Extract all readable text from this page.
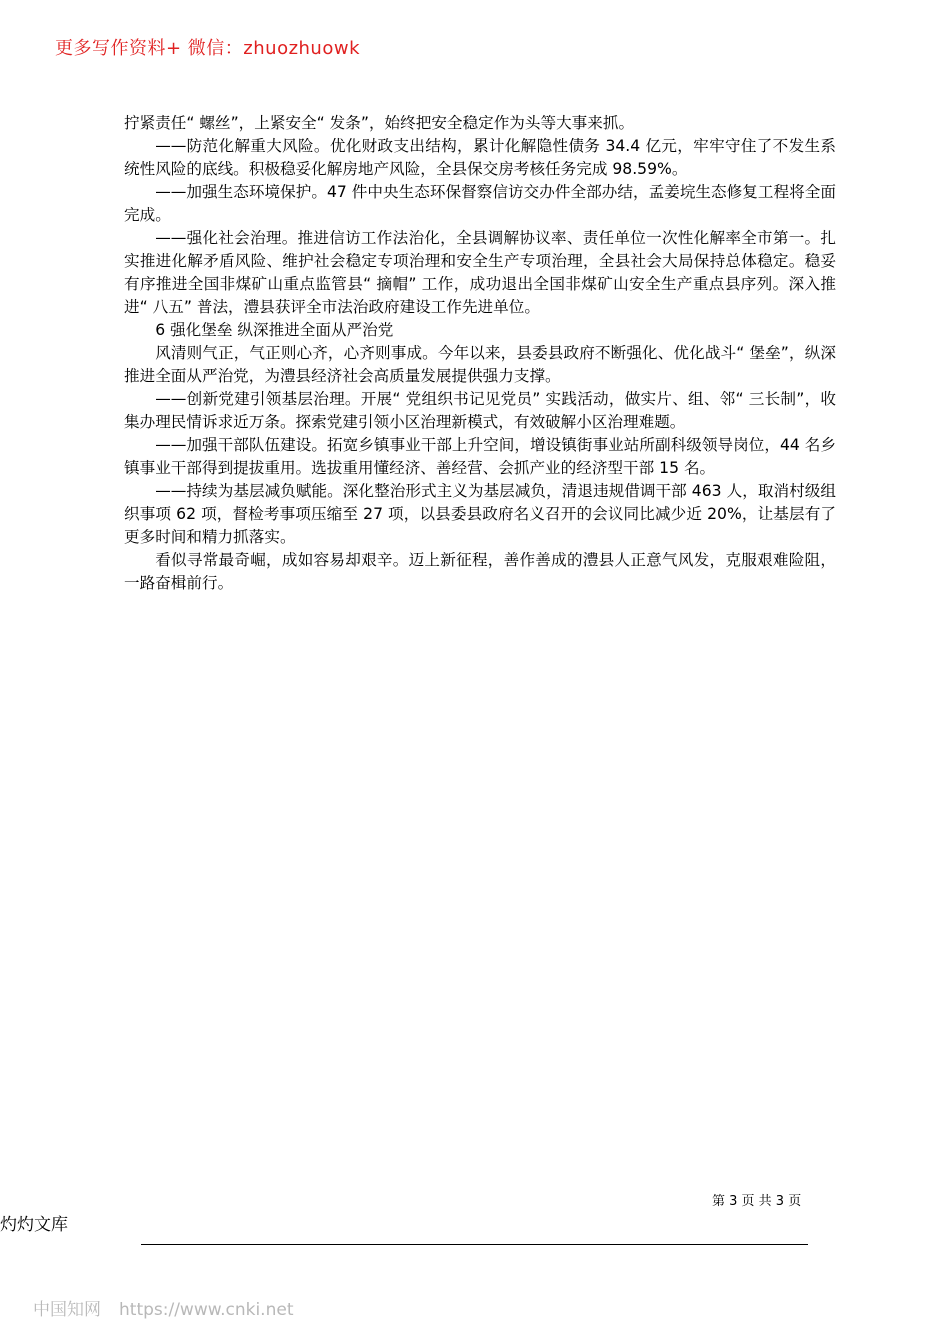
更多写作资料+ 微信：zhuozhuowk

拧紧责任“ 螺丝”，上紧安全“ 发条”，始终把安全稳定作为头等大事来抓。

——防范化解重大风险。优化财政支出结构，累计化解隐性债务 34.4 亿元，牢牢守住了不发生系统性风险的底线。积极稳妥化解房地产风险，全县保交房考核任务完成 98.59%。

——加强生态环境保护。47 件中央生态环保督察信访交办件全部办结，孟姜垸生态修复工程将全面完成。

——强化社会治理。推进信访工作法治化，全县调解协议率、责任单位一次性化解率全市第一。扎实推进化解矛盾风险、维护社会稳定专项治理和安全生产专项治理，全县社会大局保持总体稳定。稳妥有序推进全国非煤矿山重点监管县“ 摘帽” 工作，成功退出全国非煤矿山安全生产重点县序列。深入推进“ 八五” 普法，澧县获评全市法治政府建设工作先进单位。

6 强化堡垒 纵深推进全面从严治党

风清则气正，气正则心齐，心齐则事成。今年以来，县委县政府不断强化、优化战斗“ 堡垒”，纵深推进全面从严治党，为澧县经济社会高质量发展提供强力支撑。

——创新党建引领基层治理。开展“ 党组织书记见党员” 实践活动，做实片、组、邻“ 三长制”，收集办理民情诉求近万条。探索党建引领小区治理新模式，有效破解小区治理难题。

——加强干部队伍建设。拓宽乡镇事业干部上升空间，增设镇街事业站所副科级领导岗位，44 名乡镇事业干部得到提拔重用。选拔重用懂经济、善经营、会抓产业的经济型干部 15 名。

——持续为基层减负赋能。深化整治形式主义为基层减负，清退违规借调干部 463 人，取消村级组织事项 62 项，督检考事项压缩至 27 项，以县委县政府名义召开的会议同比减少近 20%，让基层有了更多时间和精力抓落实。

看似寻常最奇崛，成如容易却艰辛。迈上新征程，善作善成的澧县人正意气风发，克服艰难险阻，一路奋楫前行。

第 3 页 共 3 页
灼灼文库
中国知网 https://www.cnki.net
